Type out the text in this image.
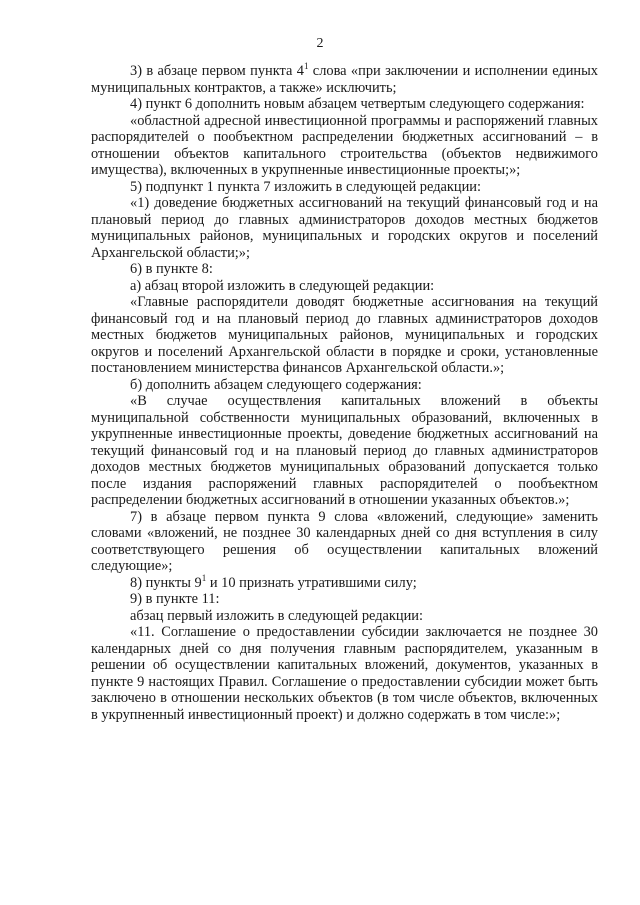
2

3) в абзаце первом пункта $4^1$ слова «при заключении и исполнении единых муниципальных контрактов, а также» исключить;

4) пункт 6 дополнить новым абзацем четвертым следующего содержания:

«областной адресной инвестиционной программы и распоряжений главных распорядителей о пообъектном распределении бюджетных ассигнований – в отношении объектов капитального строительства (объектов недвижимого имущества), включенных в укрупненные инвестиционные проекты;»;

5) подпункт 1 пункта 7 изложить в следующей редакции:

«1) доведение бюджетных ассигнований на текущий финансовый год и на плановый период до главных администраторов доходов местных бюджетов муниципальных районов, муниципальных и городских округов и поселений Архангельской области;»;

6) в пункте 8:

а) абзац второй изложить в следующей редакции:

«Главные распорядители доводят бюджетные ассигнования на текущий финансовый год и на плановый период до главных администраторов доходов местных бюджетов муниципальных районов, муниципальных и городских округов и поселений Архангельской области в порядке и сроки, установленные постановлением министерства финансов Архангельской области.»;

б) дополнить абзацем следующего содержания:

«В случае осуществления капитальных вложений в объекты муниципальной собственности муниципальных образований, включенных в укрупненные инвестиционные проекты, доведение бюджетных ассигнований на текущий финансовый год и на плановый период до главных администраторов доходов местных бюджетов муниципальных образований допускается только после издания распоряжений главных распорядителей о пообъектном распределении бюджетных ассигнований в отношении указанных объектов.»;

7) в абзаце первом пункта 9 слова «вложений, следующие» заменить словами «вложений, не позднее 30 календарных дней со дня вступления в силу соответствующего решения об осуществлении капитальных вложений следующие»;

8) пункты $9^1$ и 10 признать утратившими силу;

9) в пункте 11:

абзац первый изложить в следующей редакции:

«11. Соглашение о предоставлении субсидии заключается не позднее 30 календарных дней со дня получения главным распорядителем, указанным в решении об осуществлении капитальных вложений, документов, указанных в пункте 9 настоящих Правил. Соглашение о предоставлении субсидии может быть заключено в отношении нескольких объектов (в том числе объектов, включенных в укрупненный инвестиционный проект) и должно содержать в том числе:»;
